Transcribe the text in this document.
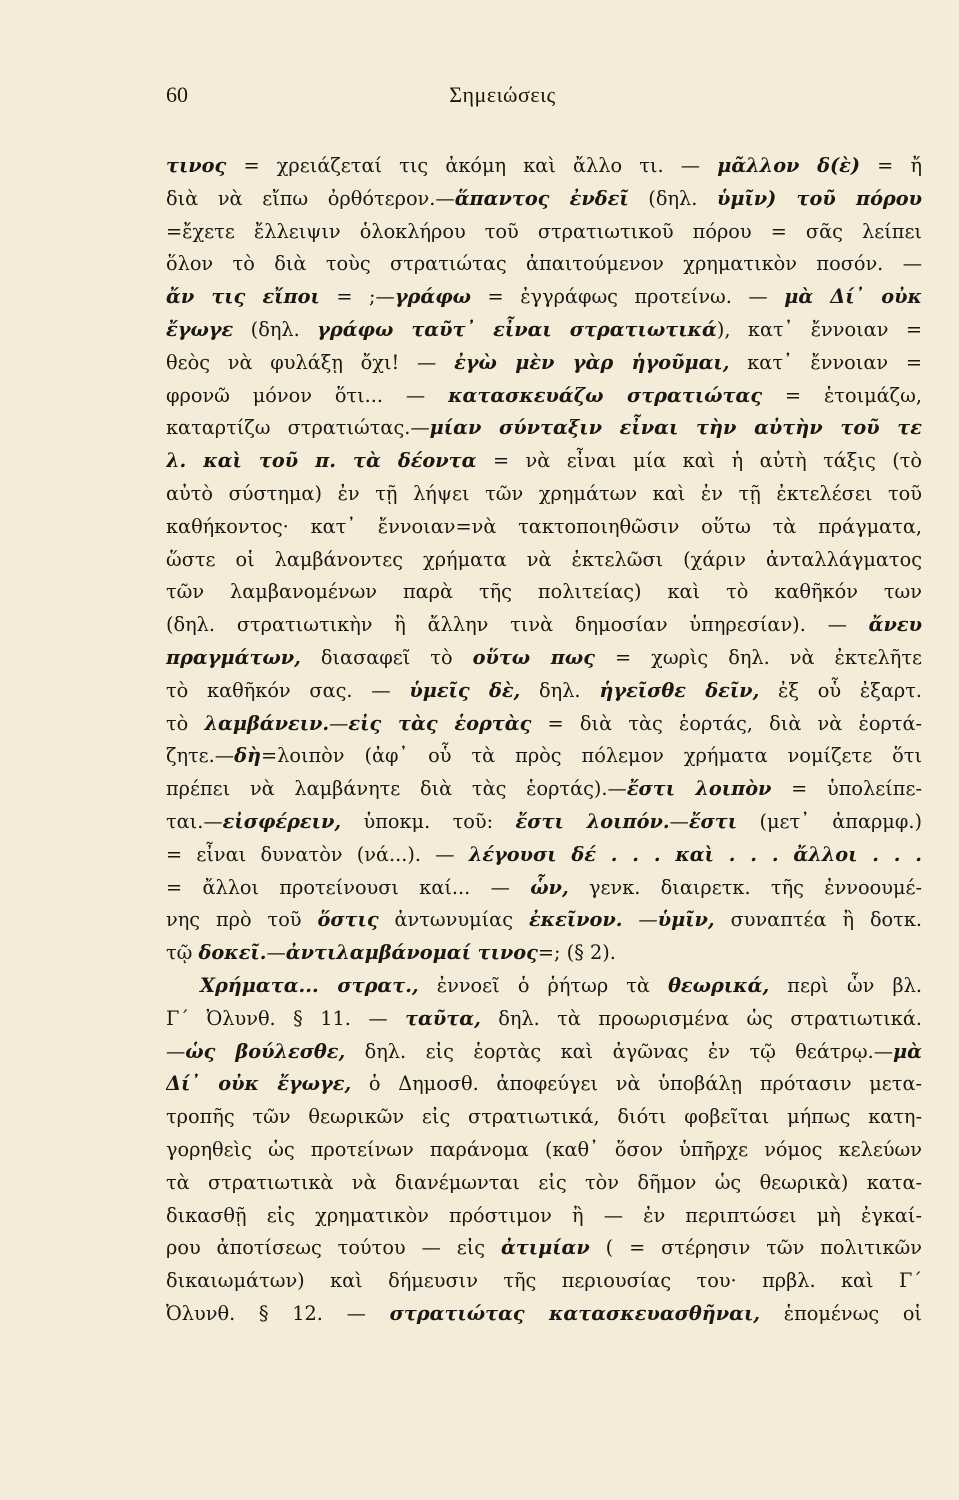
60	Σημειώσεις
τινος = χρειάζεταί τις ἀκόμη καὶ ἄλλο τι. — μᾶλλον δ(ὲ) = ἤ
διὰ νὰ εἴπω ὀρθότερον.—ἅπαντος ἐνδεῖ (δηλ. ὑμῖν) τοῦ πόρου
=ἔχετε ἔλλειψιν ὁλοκλήρου τοῦ στρατιωτικοῦ πόρου = σᾶς λείπει
ὅλον τὸ διὰ τοὺς στρατιώτας ἀπαιτούμενον χρηματικὸν ποσόν. —
ἄν τις εἴποι = ;—γράφω = ἐγγράφως προτείνω. — μὰ Δί᾽ οὐκ
ἔγωγε (δηλ. γράφω ταῦτ᾽ εἶναι στρατιωτικά), κατ᾽ ἔννοιαν =
θεὸς νὰ φυλάξῃ ὄχι! — ἐγὼ μὲν γὰρ ἡγοῦμαι, κατ᾽ ἔννοιαν =
φρονῶ μόνον ὅτι... — κατασκευάζω στρατιώτας = ἑτοιμάζω,
καταρτίζω στρατιώτας.—μίαν σύνταξιν εἶναι τὴν αὐτὴν τοῦ τε
λ. καὶ τοῦ π. τὰ δέοντα = νὰ εἶναι μία καὶ ἡ αὐτὴ τάξις (τὸ
αὐτὸ σύστημα) ἐν τῇ λήψει τῶν χρημάτων καὶ ἐν τῇ ἐκτελέσει τοῦ
καθήκοντος· κατ᾽ ἔννοιαν=νὰ τακτοποιηθῶσιν οὕτω τὰ πράγματα,
ὥστε οἱ λαμβάνοντες χρήματα νὰ ἐκτελῶσι (χάριν ἀνταλλάγματος
τῶν λαμβανομένων παρὰ τῆς πολιτείας) καὶ τὸ καθῆκόν των
(δηλ. στρατιωτικὴν ἢ ἄλλην τινὰ δημοσίαν ὑπηρεσίαν). — ἄνευ
πραγμάτων, διασαφεῖ τὸ οὕτω πως = χωρὶς δηλ. νὰ ἐκτελῆτε
τὸ καθῆκόν σας. — ὑμεῖς δὲ, δηλ. ἡγεῖσθε δεῖν, ἐξ οὗ ἐξαρτ.
τὸ λαμβάνειν.—εἰς τὰς ἑορτὰς = διὰ τὰς ἑορτάς, διὰ νὰ ἑορτά-
ζητε.—δὴ=λοιπὸν (ἀφ᾽ οὗ τὰ πρὸς πόλεμον χρήματα νομίζετε ὅτι
πρέπει νὰ λαμβάνητε διὰ τὰς ἑορτάς).—ἔστι λοιπὸν = ὑπολείπε-
ται.—εἰσφέρειν, ὑποκμ. τοῦ: ἔστι λοιπόν.—ἔστι (μετ᾽ ἀπαρμφ.)
= εἶναι δυνατὸν (νά...). — λέγουσι δέ . . . καὶ . . . ἄλλοι . . .
= ἄλλοι προτείνουσι καί... — ὧν, γενκ. διαιρετκ. τῆς ἐννοουμέ-
νης πρὸ τοῦ ὅστις ἀντωνυμίας ἐκεῖνον. —ὑμῖν, συναπτέα ἢ δοτκ.
τῷ δοκεῖ.—ἀντιλαμβάνομαί τινος=; (§ 2).
Χρήματα... στρατ., ἐννοεῖ ὁ ῥήτωρ τὰ θεωρικά, περὶ ὧν βλ.
Γ΄ Ὀλυνθ. § 11. — ταῦτα, δηλ. τὰ προωρισμένα ὡς στρατιωτικά.
—ὡς βούλεσθε, δηλ. εἰς ἑορτὰς καὶ ἀγῶνας ἐν τῷ θεάτρῳ.—μὰ
Δί᾽ οὐκ ἔγωγε, ὁ Δημοσθ. ἀποφεύγει νὰ ὑποβάλῃ πρότασιν μετα-
τροπῆς τῶν θεωρικῶν εἰς στρατιωτικά, διότι φοβεῖται μήπως κατη-
γορηθεὶς ὡς προτείνων παράνομα (καθ᾽ ὅσον ὑπῆρχε νόμος κελεύων
τὰ στρατιωτικὰ νὰ διανέμωνται εἰς τὸν δῆμον ὡς θεωρικὰ) κατα-
δικασθῇ εἰς χρηματικὸν πρόστιμον ἢ — ἐν περιπτώσει μὴ ἐγκαί-
ρου ἀποτίσεως τούτου — εἰς ἀτιμίαν ( = στέρησιν τῶν πολιτικῶν
δικαιωμάτων) καὶ δήμευσιν τῆς περιουσίας του· πρβλ. καὶ Γ΄
Ὀλυνθ. § 12. — στρατιώτας κατασκευασθῆναι, ἑπομένως οἱ
